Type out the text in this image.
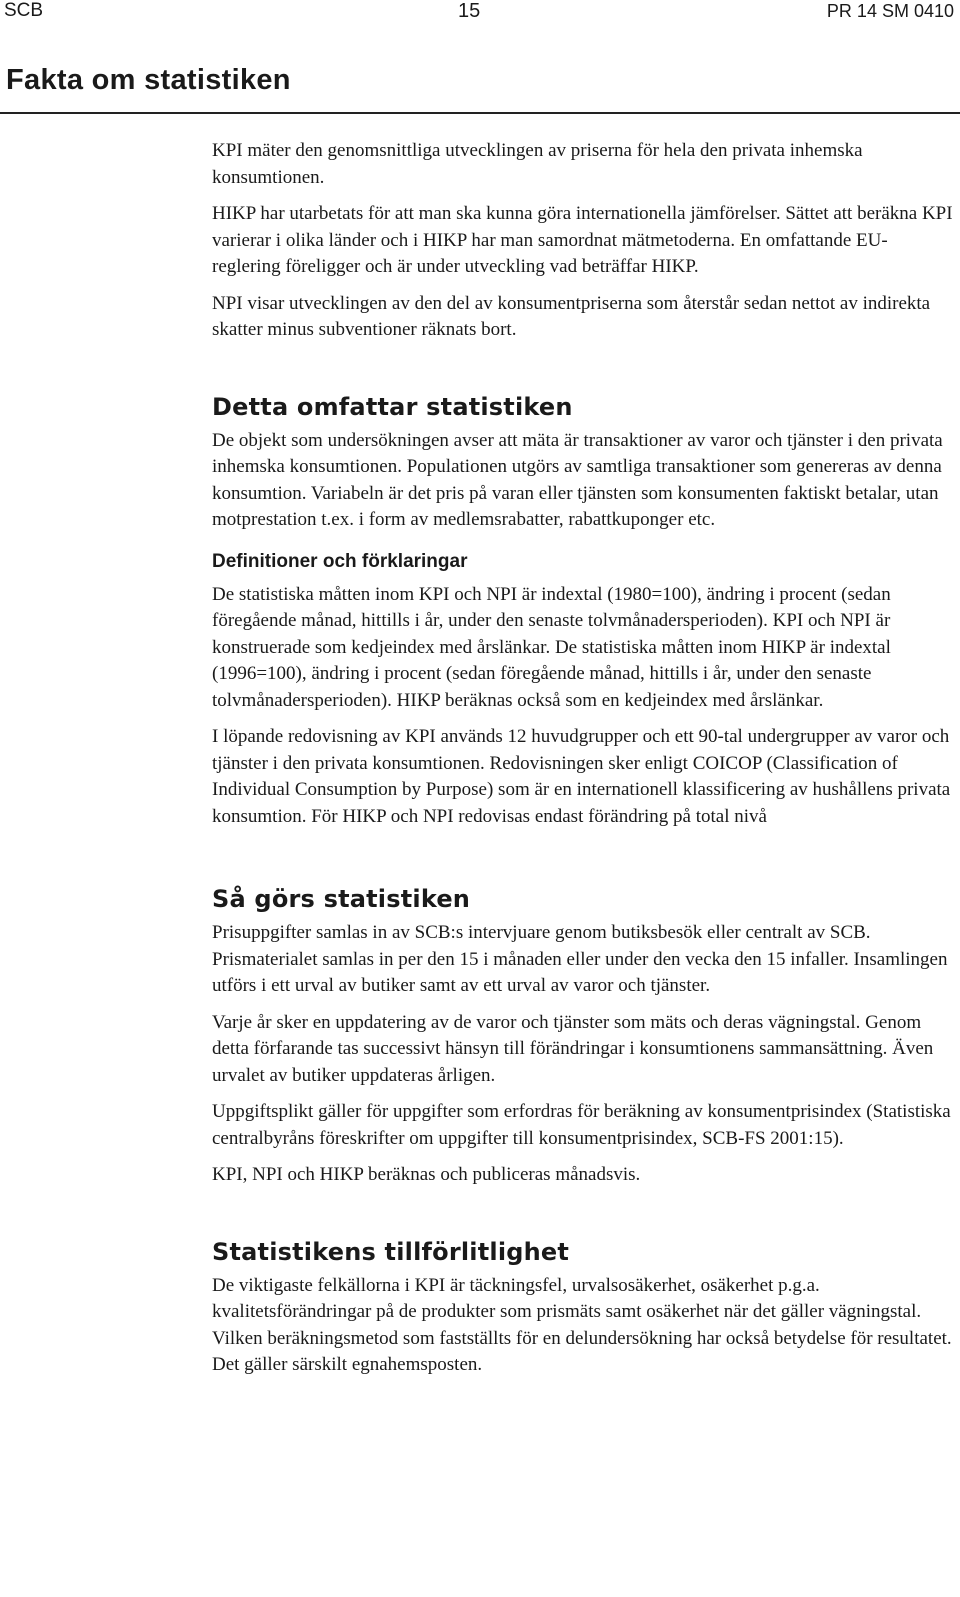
SCB	15	PR 14 SM 0410
Fakta om statistiken

KPI mäter den genomsnittliga utvecklingen av priserna för hela den privata inhemska konsumtionen.

HIKP har utarbetats för att man ska kunna göra internationella jämförelser. Sättet att beräkna KPI varierar i olika länder och i HIKP har man samordnat mätmetoderna. En omfattande EU-reglering föreligger och är under utveckling vad beträffar HIKP.

NPI visar utvecklingen av den del av konsumentpriserna som återstår sedan nettot av indirekta skatter minus subventioner räknats bort.

Detta omfattar statistiken

De objekt som undersökningen avser att mäta är transaktioner av varor och tjänster i den privata inhemska konsumtionen. Populationen utgörs av samtliga transaktioner som genereras av denna konsumtion. Variabeln är det pris på varan eller tjänsten som konsumenten faktiskt betalar, utan motprestation t.ex. i form av medlemsrabatter, rabattkuponger etc.

Definitioner och förklaringar

De statistiska måtten inom KPI och NPI är indextal (1980=100), ändring i procent (sedan föregående månad, hittills i år, under den senaste tolvmånadersperioden). KPI och NPI är konstruerade som kedjeindex med årslänkar. De statistiska måtten inom HIKP är indextal (1996=100), ändring i procent (sedan föregående månad, hittills i år, under den senaste tolvmånadersperioden). HIKP beräknas också som en kedjeindex med årslänkar.

I löpande redovisning av KPI används 12 huvudgrupper och ett 90-tal undergrupper av varor och tjänster i den privata konsumtionen. Redovisningen sker enligt COICOP (Classification of Individual Consumption by Purpose) som är en internationell klassificering av hushållens privata konsumtion. För HIKP och NPI redovisas endast förändring på total nivå

Så görs statistiken

Prisuppgifter samlas in av SCB:s intervjuare genom butiksbesök eller centralt av SCB. Prismaterialet samlas in per den 15 i månaden eller under den vecka den 15 infaller. Insamlingen utförs i ett urval av butiker samt av ett urval av varor och tjänster.

Varje år sker en uppdatering av de varor och tjänster som mäts och deras vägningstal. Genom detta förfarande tas successivt hänsyn till förändringar i konsumtionens sammansättning. Även urvalet av butiker uppdateras årligen.

Uppgiftsplikt gäller för uppgifter som erfordras för beräkning av konsumentprisindex (Statistiska centralbyråns föreskrifter om uppgifter till konsumentprisindex, SCB-FS 2001:15).

KPI, NPI och HIKP beräknas och publiceras månadsvis.

Statistikens tillförlitlighet

De viktigaste felkällorna i KPI är täckningsfel, urvalsosäkerhet, osäkerhet p.g.a. kvalitetsförändringar på de produkter som prismäts samt osäkerhet när det gäller vägningstal. Vilken beräkningsmetod som fastställts för en delundersökning har också betydelse för resultatet. Det gäller särskilt egnahemsposten.
